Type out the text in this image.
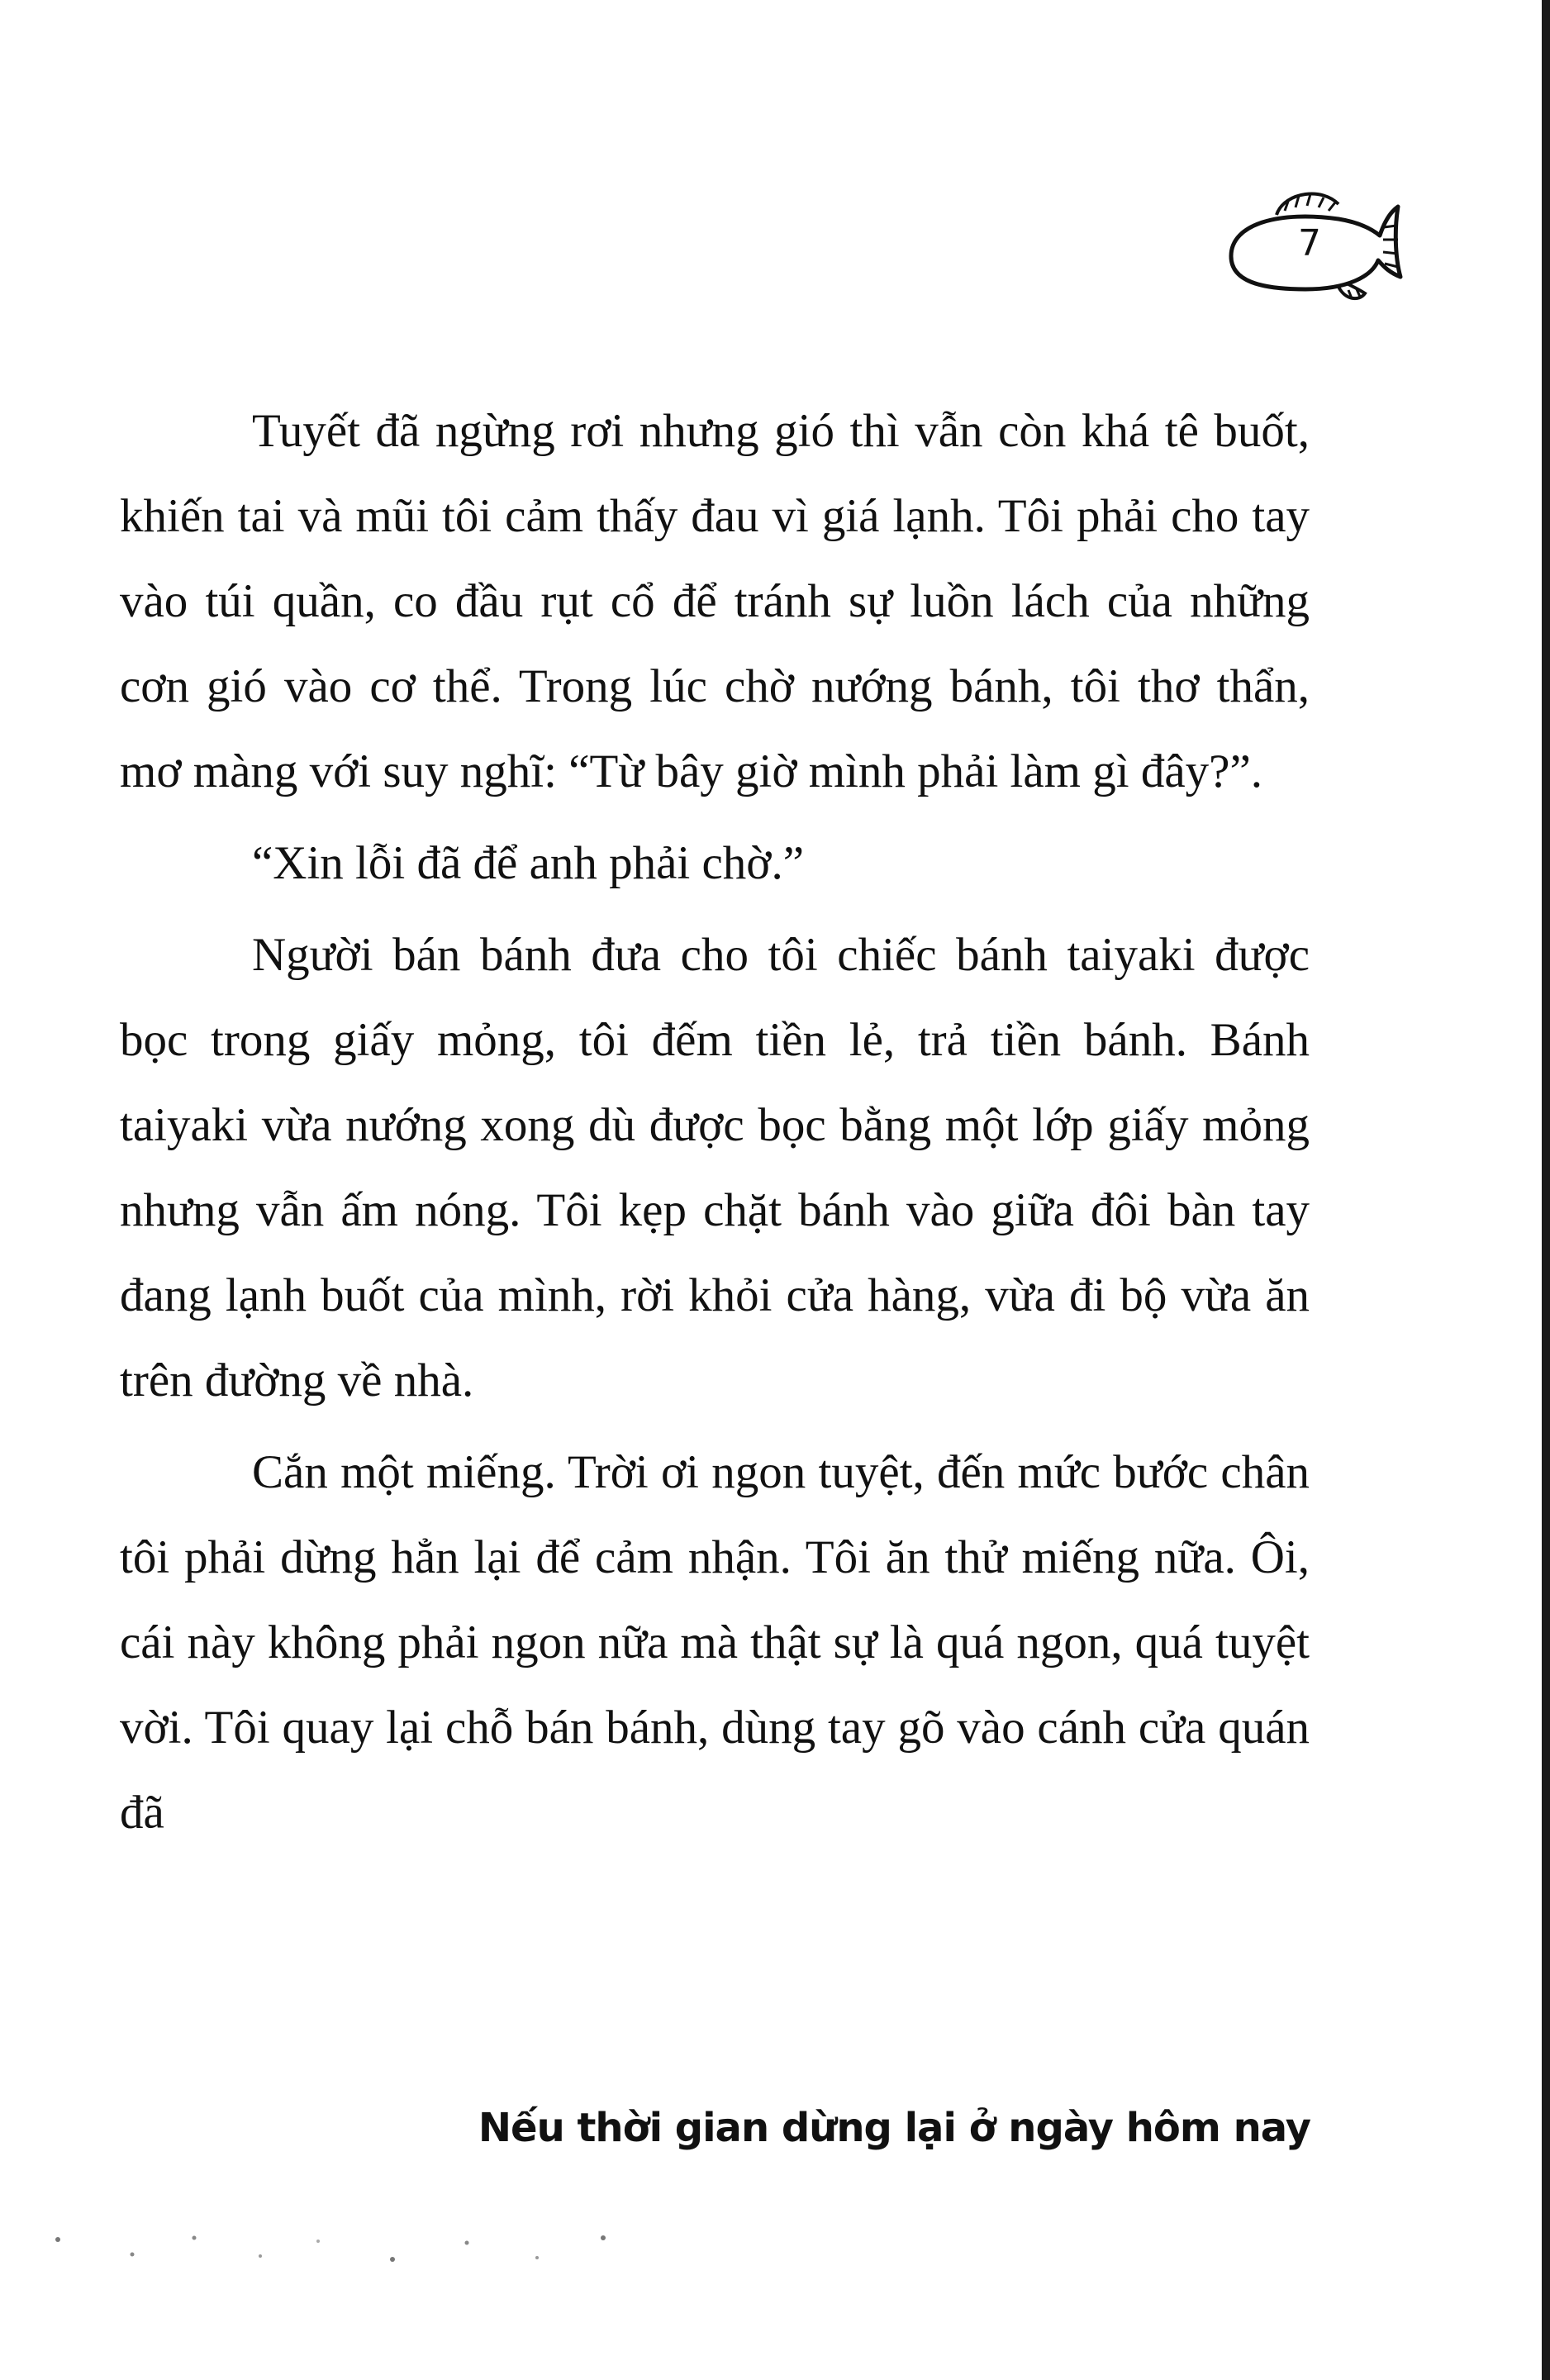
7

Tuyết đã ngừng rơi nhưng gió thì vẫn còn khá tê buốt, khiến tai và mũi tôi cảm thấy đau vì giá lạnh. Tôi phải cho tay vào túi quần, co đầu rụt cổ để tránh sự luồn lách của những cơn gió vào cơ thể. Trong lúc chờ nướng bánh, tôi thơ thẩn, mơ màng với suy nghĩ: “Từ bây giờ mình phải làm gì đây?”.

“Xin lỗi đã để anh phải chờ.”

Người bán bánh đưa cho tôi chiếc bánh taiyaki được bọc trong giấy mỏng, tôi đếm tiền lẻ, trả tiền bánh. Bánh taiyaki vừa nướng xong dù được bọc bằng một lớp giấy mỏng nhưng vẫn ấm nóng. Tôi kẹp chặt bánh vào giữa đôi bàn tay đang lạnh buốt của mình, rời khỏi cửa hàng, vừa đi bộ vừa ăn trên đường về nhà.

Cắn một miếng. Trời ơi ngon tuyệt, đến mức bước chân tôi phải dừng hẳn lại để cảm nhận. Tôi ăn thử miếng nữa. Ôi, cái này không phải ngon nữa mà thật sự là quá ngon, quá tuyệt vời. Tôi quay lại chỗ bán bánh, dùng tay gõ vào cánh cửa quán đã

Nếu thời gian dừng lại ở ngày hôm nay
